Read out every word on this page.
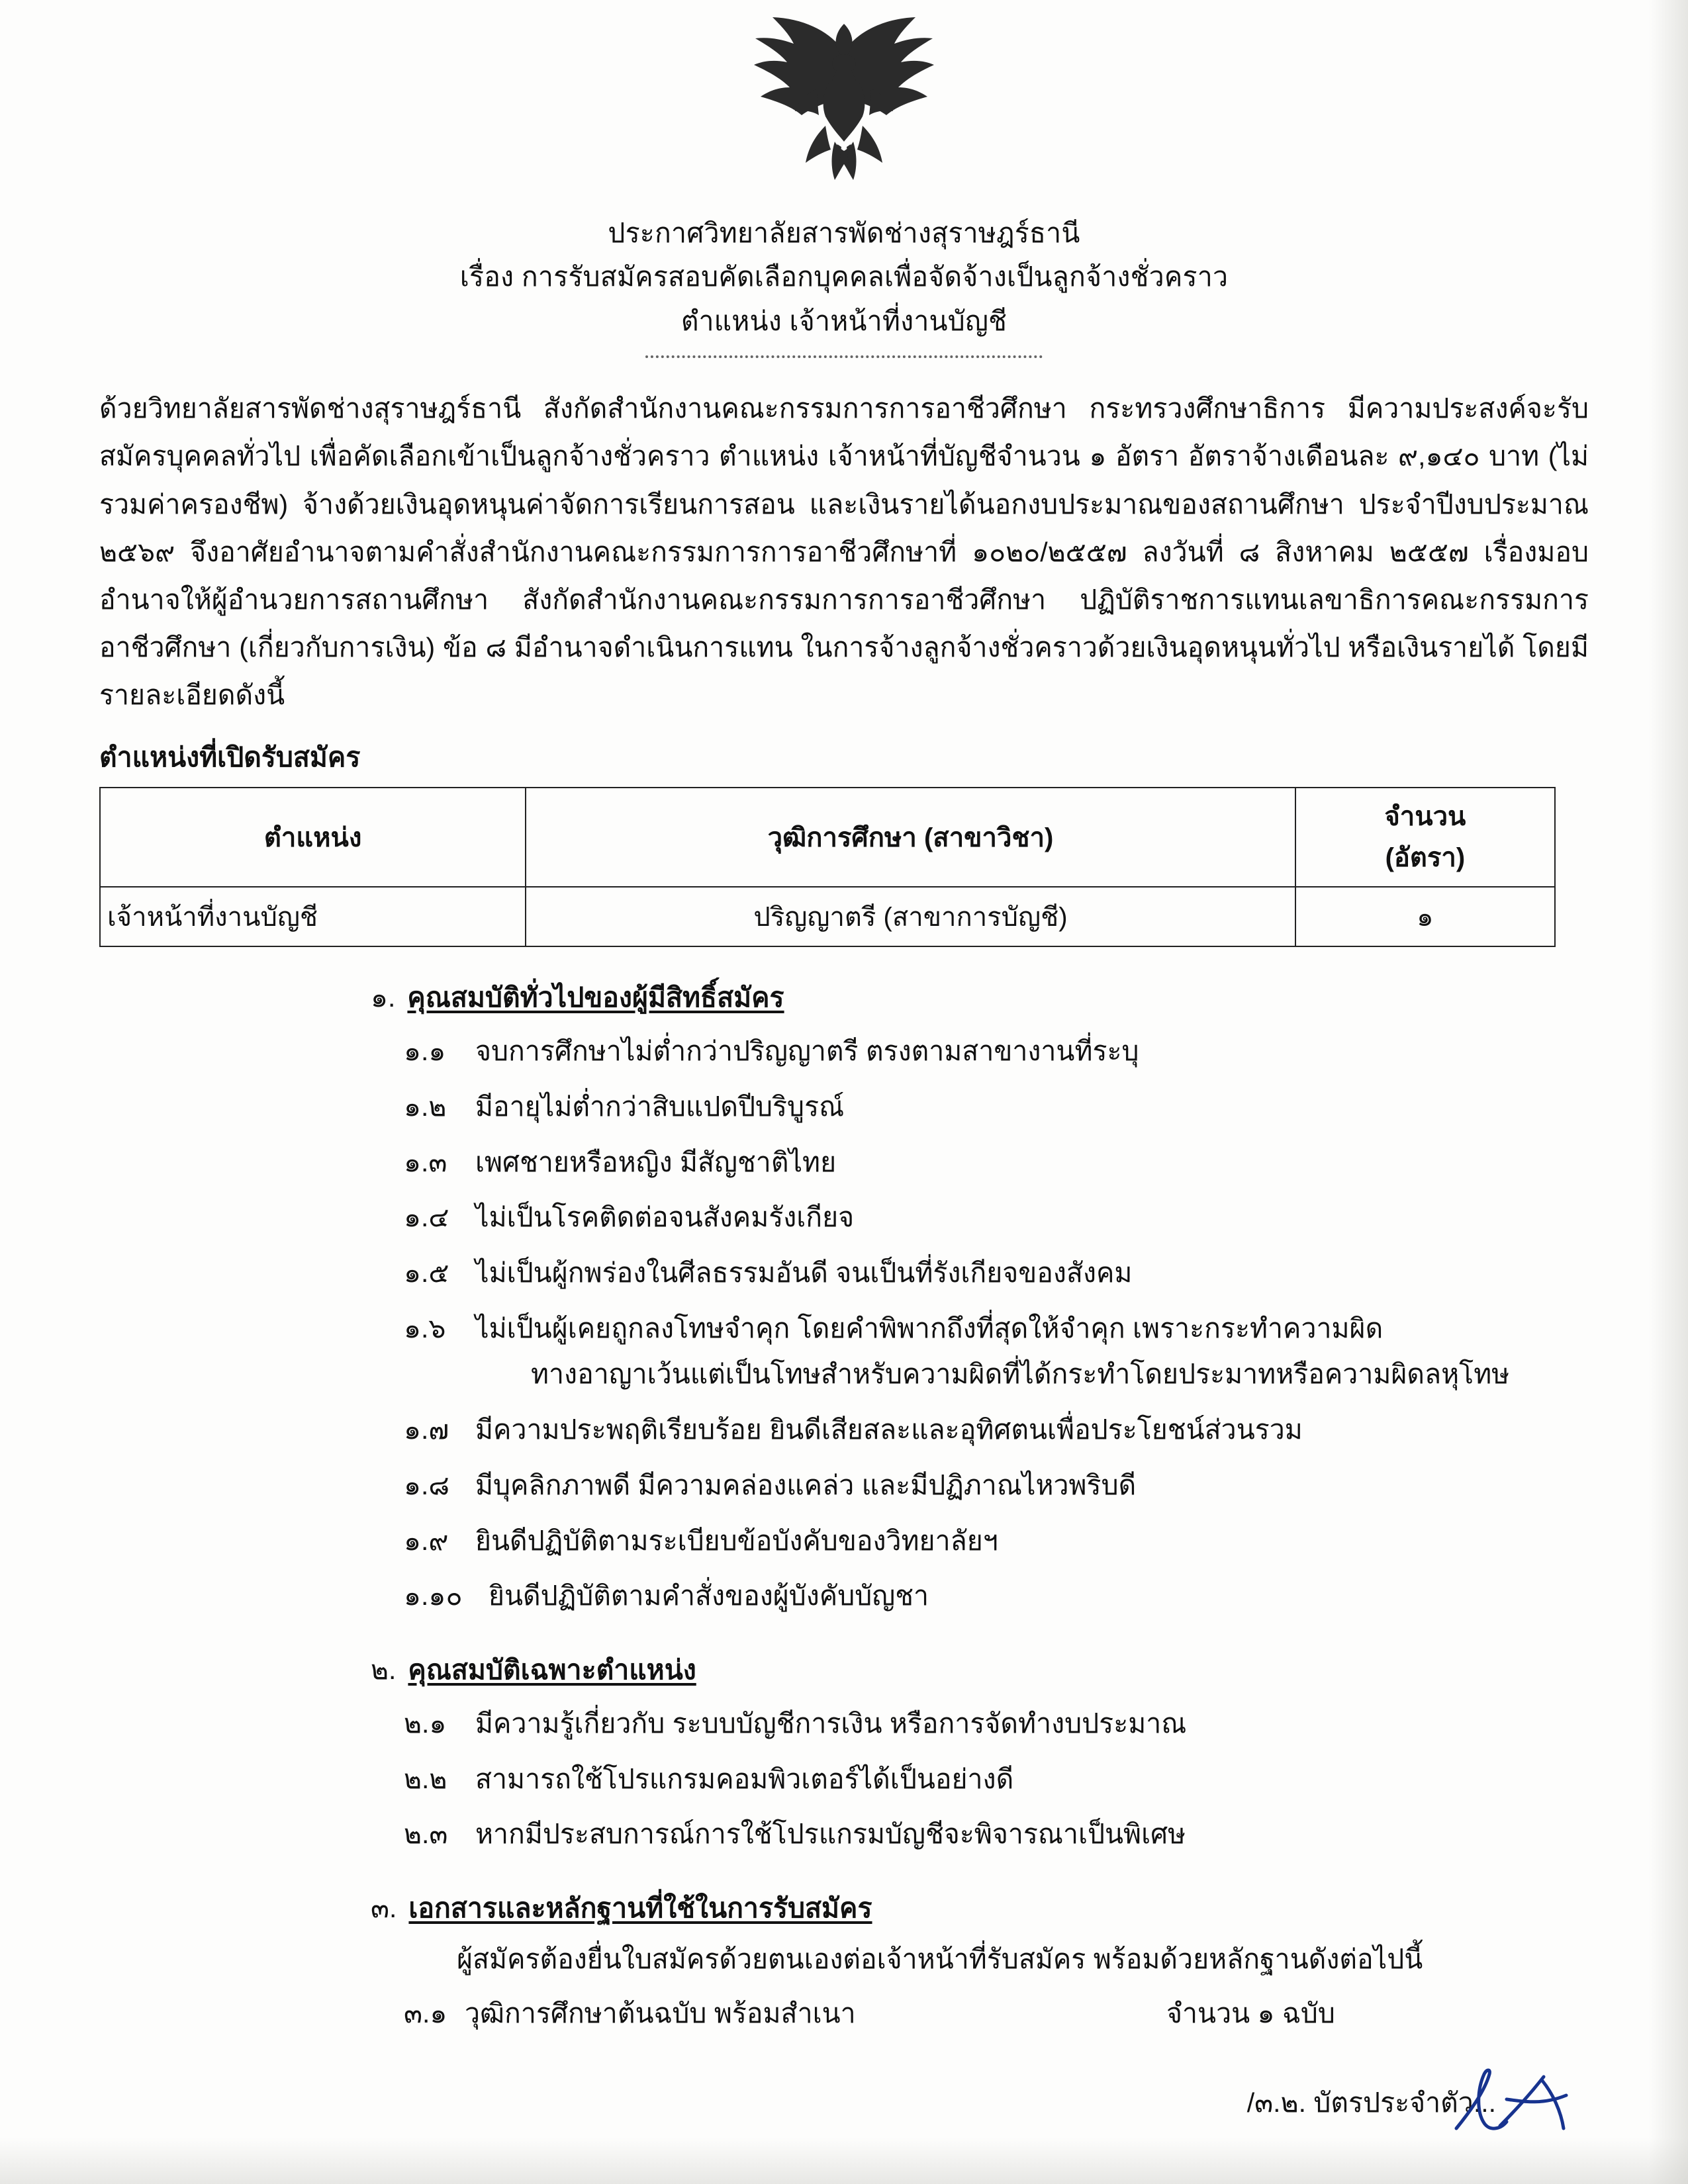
ประกาศวิทยาลัยสารพัดช่างสุราษฎร์ธานี
เรื่อง การรับสมัครสอบคัดเลือกบุคคลเพื่อจัดจ้างเป็นลูกจ้างชั่วคราว
ตำแหน่ง เจ้าหน้าที่งานบัญชี

ด้วยวิทยาลัยสารพัดช่างสุราษฎร์ธานี สังกัดสำนักงานคณะกรรมการการอาชีวศึกษา กระทรวงศึกษาธิการ มีความประสงค์จะรับสมัครบุคคลทั่วไป เพื่อคัดเลือกเข้าเป็นลูกจ้างชั่วคราว ตำแหน่ง เจ้าหน้าที่บัญชีจำนวน ๑ อัตรา อัตราจ้างเดือนละ ๙,๑๔๐ บาท (ไม่รวมค่าครองชีพ) จ้างด้วยเงินอุดหนุนค่าจัดการเรียนการสอน และเงินรายได้นอกงบประมาณของสถานศึกษา ประจำปีงบประมาณ ๒๕๖๙ จึงอาศัยอำนาจตามคำสั่งสำนักงานคณะกรรมการการอาชีวศึกษาที่ ๑๐๒๐/๒๕๕๗ ลงวันที่ ๘ สิงหาคม ๒๕๕๗ เรื่องมอบอำนาจให้ผู้อำนวยการสถานศึกษา สังกัดสำนักงานคณะกรรมการการอาชีวศึกษา ปฏิบัติราชการแทนเลขาธิการคณะกรรมการอาชีวศึกษา (เกี่ยวกับการเงิน) ข้อ ๘ มีอำนาจดำเนินการแทน ในการจ้างลูกจ้างชั่วคราวด้วยเงินอุดหนุนทั่วไป หรือเงินรายได้ โดยมีรายละเอียดดังนี้

ตำแหน่งที่เปิดรับสมัคร
ตำแหน่ง	วุฒิการศึกษา (สาขาวิชา)	จำนวน
(อัตรา)

เจ้าหน้าที่งานบัญชี	ปริญญาตรี (สาขาการบัญชี)	๑
๑. คุณสมบัติทั่วไปของผู้มีสิทธิ์สมัคร
๑.๑	จบการศึกษาไม่ต่ำกว่าปริญญาตรี ตรงตามสาขางานที่ระบุ
๑.๒	มีอายุไม่ต่ำกว่าสิบแปดปีบริบูรณ์
๑.๓	เพศชายหรือหญิง มีสัญชาติไทย
๑.๔ ไม่เป็นโรคติดต่อจนสังคมรังเกียจ
๑.๕ ไม่เป็นผู้กพร่องในศีลธรรมอันดี จนเป็นที่รังเกียจของสังคม
๑.๖	ไม่เป็นผู้เคยถูกลงโทษจำคุก โดยคำพิพากถึงที่สุดให้จำคุก เพราะกระทำความผิด
ทางอาญาเว้นแต่เป็นโทษสำหรับความผิดที่ได้กระทำโดยประมาทหรือความผิดลหุโทษ
๑.๗ มีความประพฤติเรียบร้อย ยินดีเสียสละและอุทิศตนเพื่อประโยชน์ส่วนรวม
๑.๘ มีบุคลิกภาพดี มีความคล่องแคล่ว และมีปฏิภาณไหวพริบดี
๑.๙ ยินดีปฏิบัติตามระเบียบข้อบังคับของวิทยาลัยฯ
๑.๑๐ ยินดีปฏิบัติตามคำสั่งของผู้บังคับบัญชา
๒. คุณสมบัติเฉพาะตำแหน่ง
๒.๑	มีความรู้เกี่ยวกับ ระบบบัญชีการเงิน หรือการจัดทำงบประมาณ
๒.๒	สามารถใช้โปรแกรมคอมพิวเตอร์ได้เป็นอย่างดี
๒.๓	หากมีประสบการณ์การใช้โปรแกรมบัญชีจะพิจารณาเป็นพิเศษ
๓. เอกสารและหลักฐานที่ใช้ในการรับสมัคร
ผู้สมัครต้องยื่นใบสมัครด้วยตนเองต่อเจ้าหน้าที่รับสมัคร พร้อมด้วยหลักฐานดังต่อไปนี้
๓.๑ วุฒิการศึกษาต้นฉบับ พร้อมสำเนา	จำนวน ๑ ฉบับ
/๓.๒. บัตรประจำตัว...
